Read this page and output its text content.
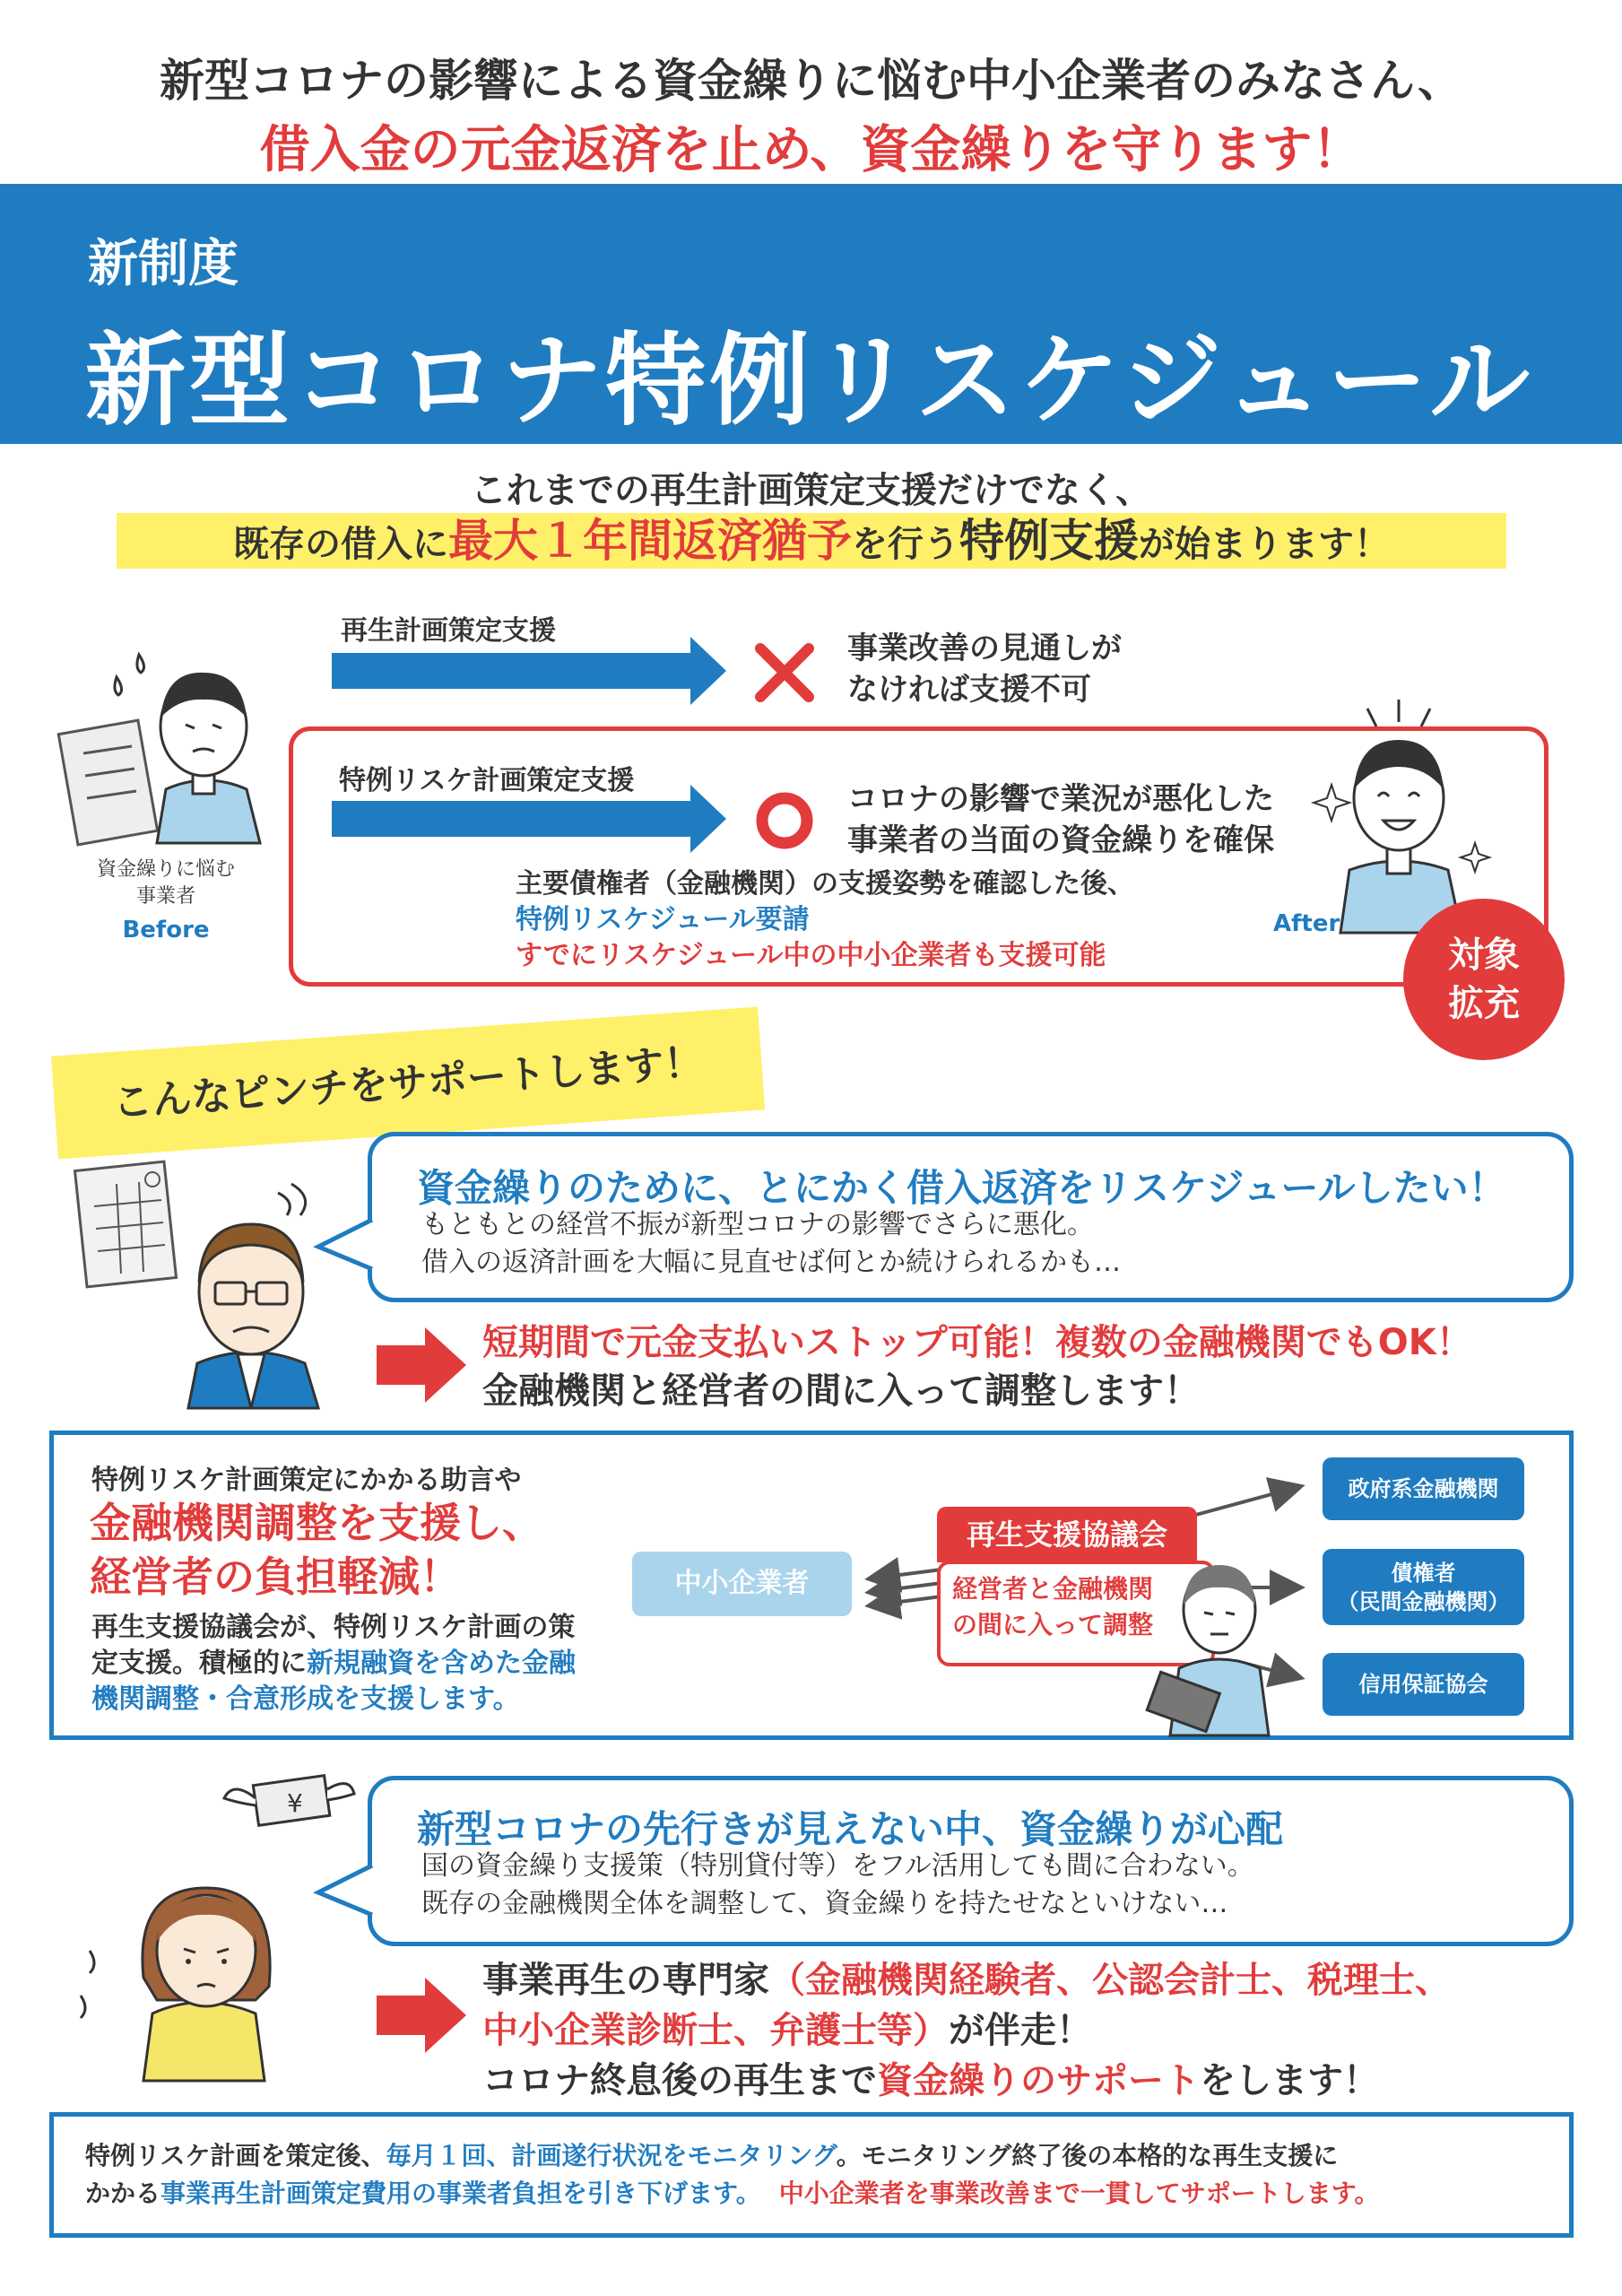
新型コロナの影響による資金繰りに悩む中小企業者のみなさん、
借入金の元金返済を止め、資金繰りを守ります！
新制度
新型コロナ特例リスケジュール
これまでの再生計画策定支援だけでなく、
既存の借入に最大１年間返済猶予を行う特例支援が始まります！
資金繰りに悩む
事業者
Before
再生計画策定支援	事業改善の見通しが
なければ支援不可
特例リスケ計画策定支援
コロナの影響で業況が悪化した
事業者の当面の資金繰りを確保
主要債権者（金融機関）の支援姿勢を確認した後、
特例リスケジュール要請
すでにリスケジュール中の中小企業者も支援可能
After
対象
拡充
こんなピンチをサポートします！
資金繰りのために、とにかく借入返済をリスケジュールしたい！
もともとの経営不振が新型コロナの影響でさらに悪化。
借入の返済計画を大幅に見直せば何とか続けられるかも…
短期間で元金支払いストップ可能！複数の金融機関でもOK！
金融機関と経営者の間に入って調整します！
特例リスケ計画策定にかかる助言や
金融機関調整を支援し、
経営者の負担軽減！
再生支援協議会が、特例リスケ計画の策
定支援。積極的に新規融資を含めた金融
機関調整・合意形成を支援します。
中小企業者
再生支援協議会
経営者と金融機関
の間に入って調整
政府系金融機関
債権者
（民間金融機関）
信用保証協会
¥
新型コロナの先行きが見えない中、資金繰りが心配
国の資金繰り支援策（特別貸付等）をフル活用しても間に合わない。
既存の金融機関全体を調整して、資金繰りを持たせなといけない…
事業再生の専門家（金融機関経験者、公認会計士、税理士、
中小企業診断士、弁護士等）が伴走！
コロナ終息後の再生まで資金繰りのサポートをします！
特例リスケ計画を策定後、毎月１回、計画遂行状況をモニタリング。モニタリング終了後の本格的な再生支援に
かかる事業再生計画策定費用の事業者負担を引き下げます。 中小企業者を事業改善まで一貫してサポートします。
